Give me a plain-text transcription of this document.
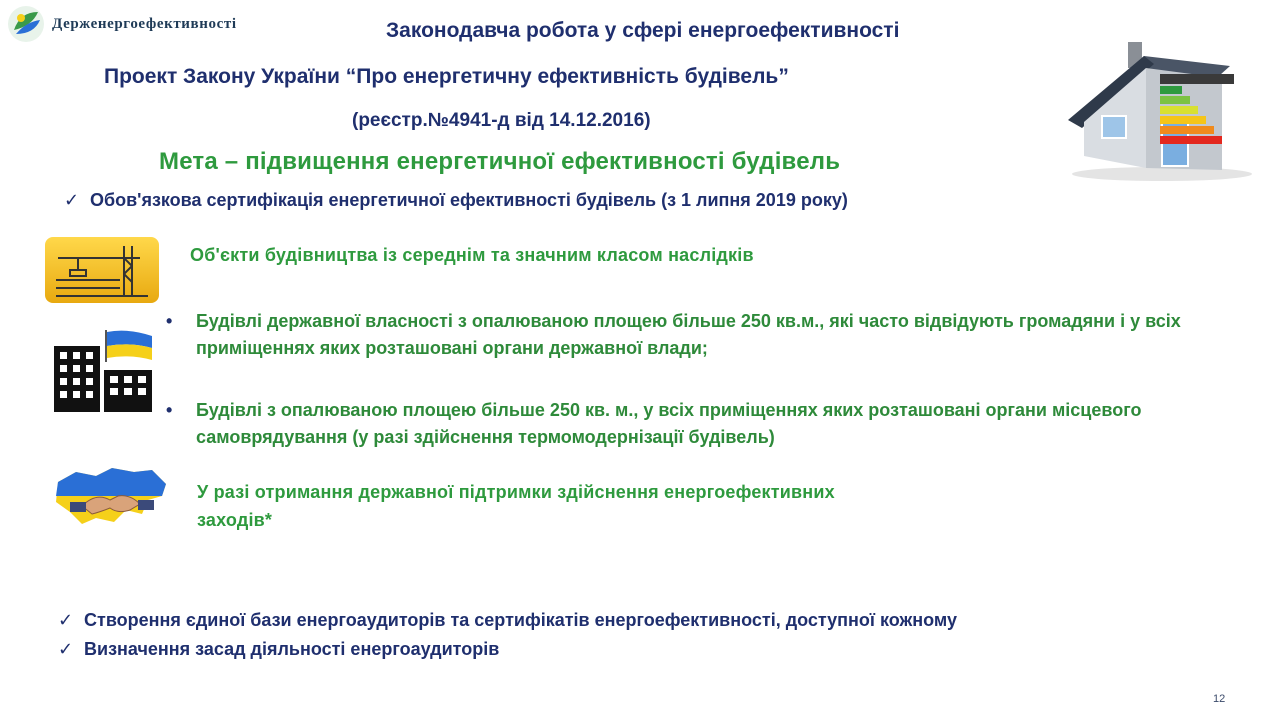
Держенергоефективності	Законодавча робота у сфері енергоефективності
Проект Закону України “Про енергетичну ефективність будівель”
(реєстр.№4941-д від 14.12.2016)
Мета – підвищення енергетичної ефективності будівель
✓ Обов'язкова сертифікація енергетичної ефективності будівель (з 1 липня 2019 року)
Об'єкти будівництва із середнім та значним класом наслідків
• Будівлі державної власності з опалюваною площею більше 250 кв.м., які часто відвідують громадяни і у всіх приміщеннях яких розташовані органи державної влади;
• Будівлі з опалюваною площею більше 250 кв. м., у всіх приміщеннях яких розташовані органи місцевого самоврядування (у разі здійснення термомодернізації будівель)
У разі отримання державної підтримки здійснення енергоефективних
заходів*
✓ Створення єдиної бази енергоаудиторів та сертифікатів енергоефективності, доступної кожному
✓ Визначення засад діяльності енергоаудиторів
12
